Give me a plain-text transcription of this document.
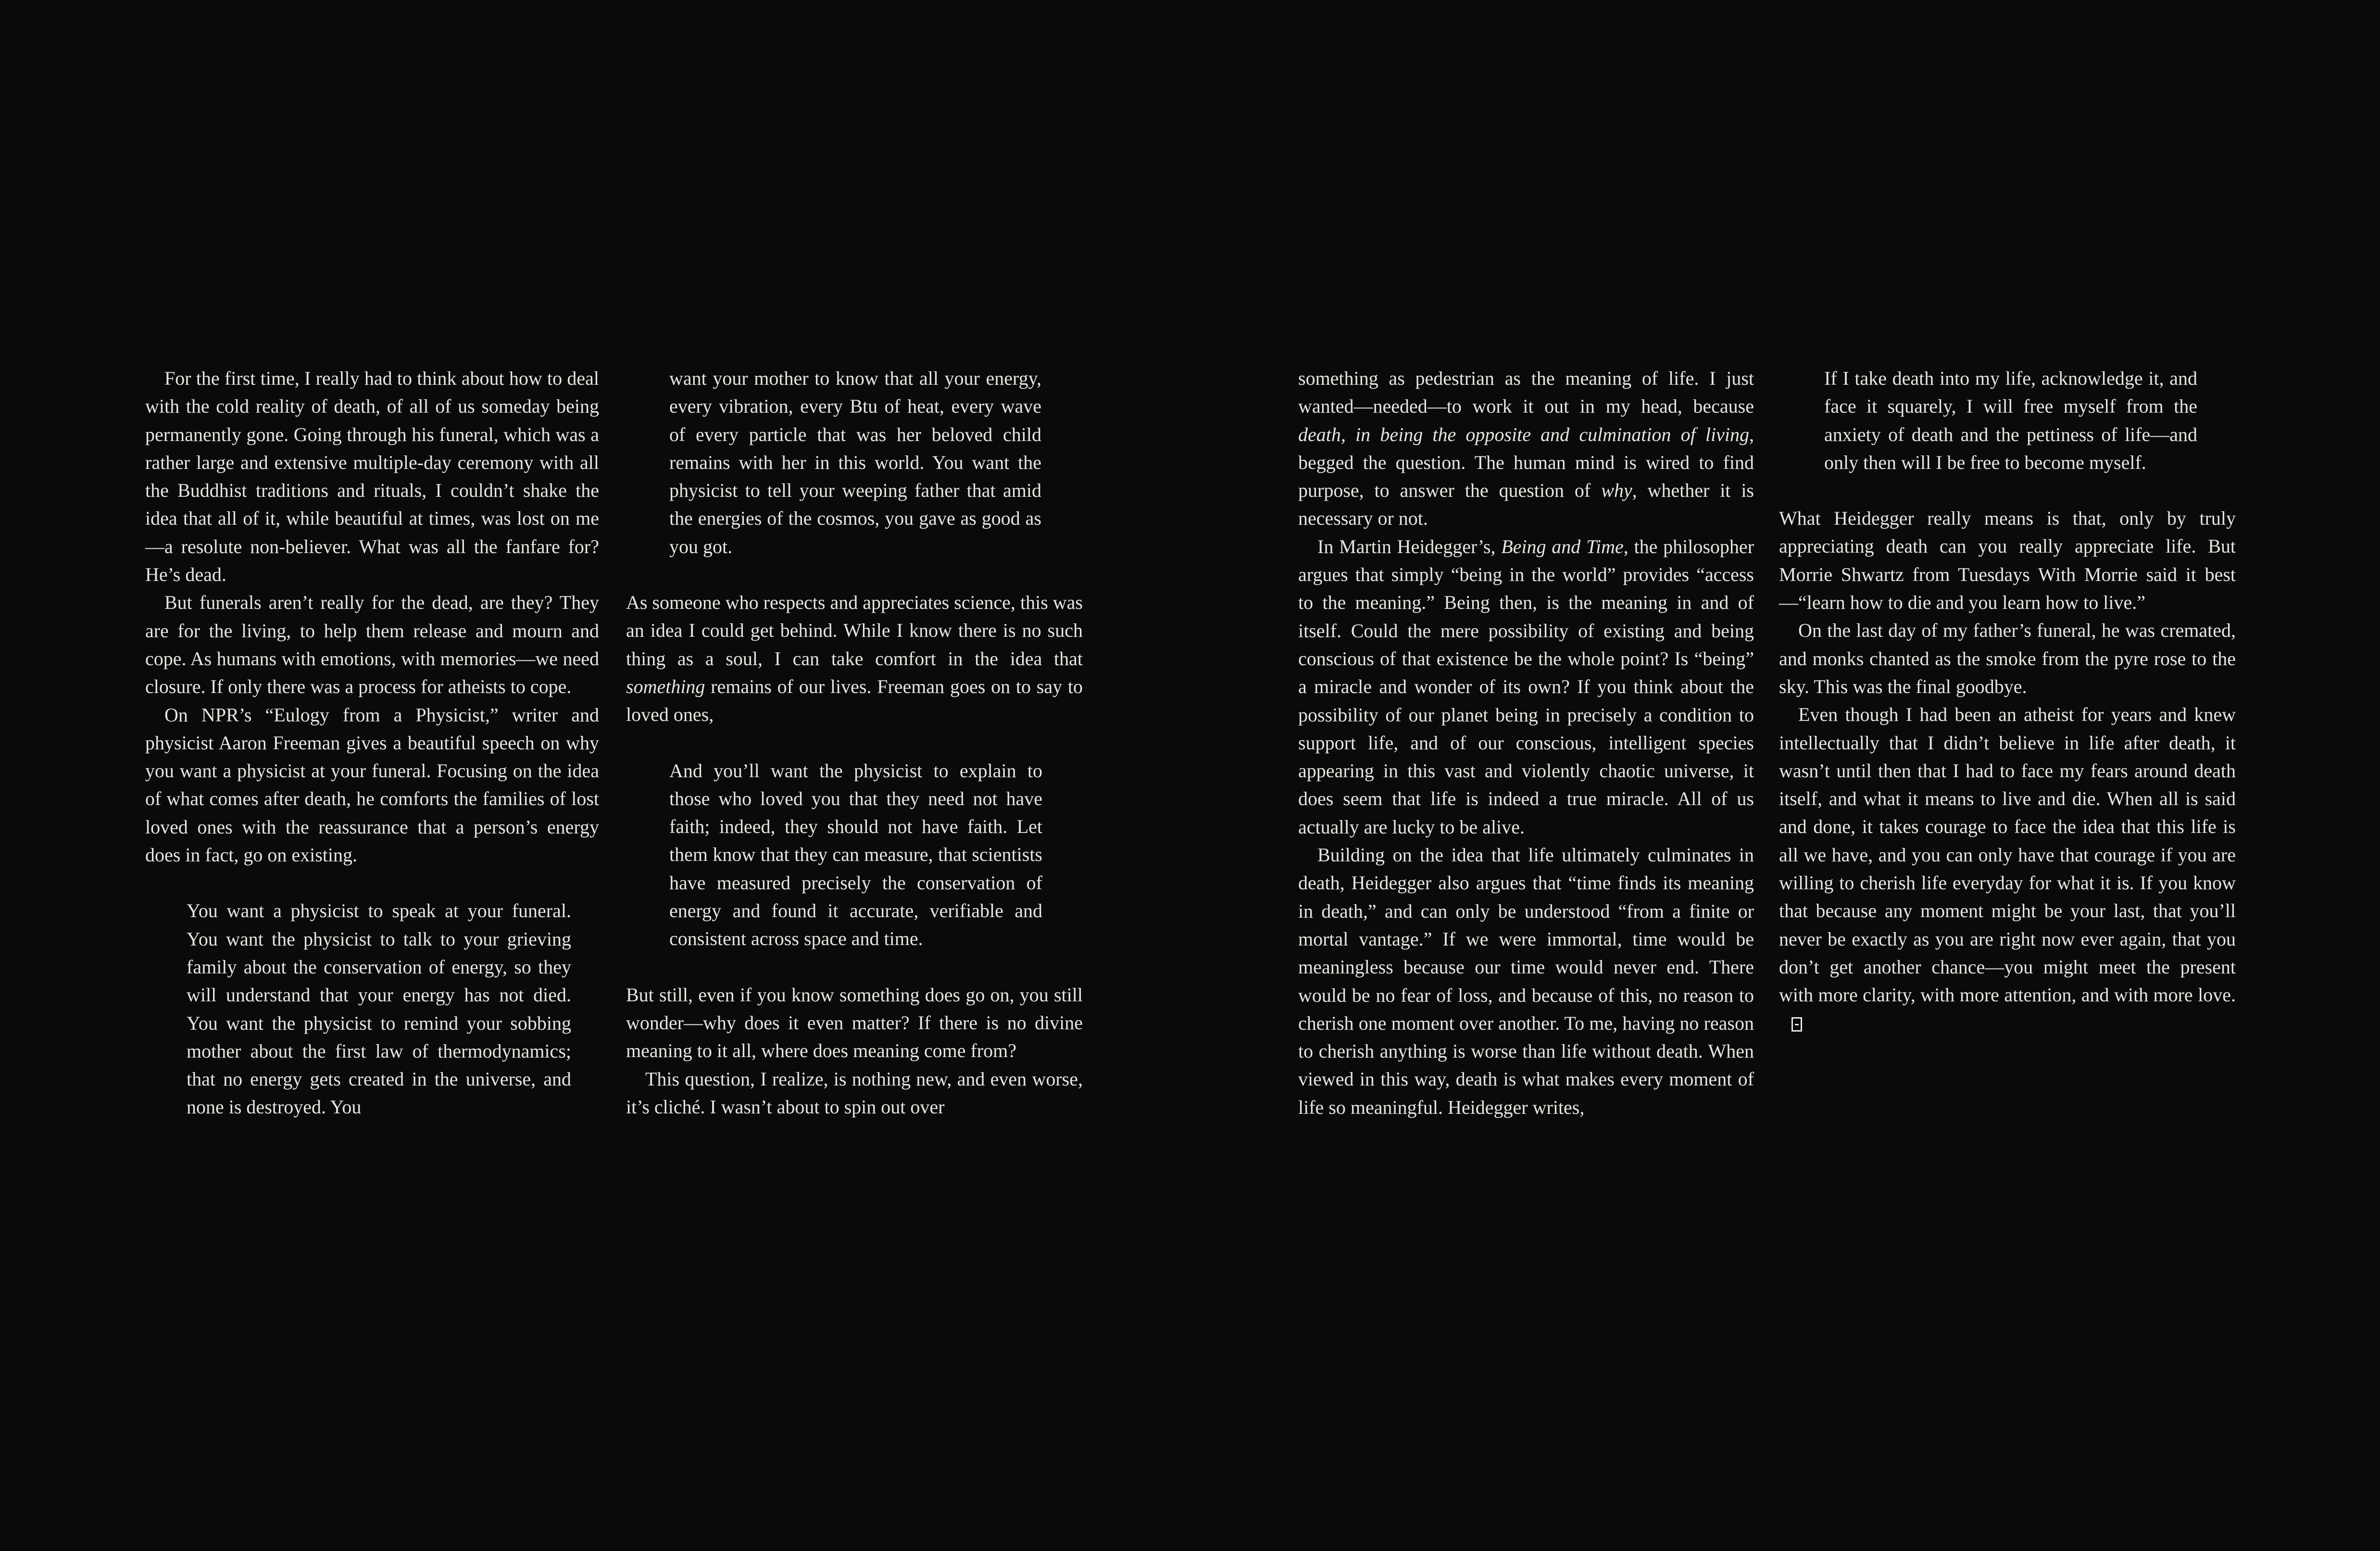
For the first time, I really had to think about how to deal with the cold reality of death, of all of us someday being permanently gone. Going through his funeral, which was a rather large and extensive multiple-day ceremony with all the Buddhist traditions and rituals, I couldn’t shake the idea that all of it, while beautiful at times, was lost on me—a resolute non-believer. What was all the fanfare for? He’s dead.

But funerals aren’t really for the dead, are they? They are for the living, to help them release and mourn and cope. As humans with emotions, with memories—we need closure. If only there was a process for atheists to cope.

On NPR’s “Eulogy from a Physicist,” writer and physicist Aaron Freeman gives a beautiful speech on why you want a physicist at your funeral. Focusing on the idea of what comes after death, he comforts the families of lost loved ones with the reassurance that a person’s energy does in fact, go on existing.

You want a physicist to speak at your funeral. You want the physicist to talk to your grieving family about the conservation of energy, so they will understand that your energy has not died. You want the physicist to remind your sobbing mother about the first law of thermodynamics; that no energy gets created in the universe, and none is destroyed. You

want your mother to know that all your energy, every vibration, every Btu of heat, every wave of every particle that was her beloved child remains with her in this world. You want the physicist to tell your weeping father that amid the energies of the cosmos, you gave as good as you got.

As someone who respects and appreciates science, this was an idea I could get behind. While I know there is no such thing as a soul, I can take comfort in the idea that something remains of our lives. Freeman goes on to say to loved ones,

And you’ll want the physicist to explain to those who loved you that they need not have faith; indeed, they should not have faith. Let them know that they can measure, that scientists have measured precisely the conservation of energy and found it accurate, verifiable and consistent across space and time.

But still, even if you know something does go on, you still wonder—why does it even matter? If there is no divine meaning to it all, where does meaning come from?

This question, I realize, is nothing new, and even worse, it’s cliché. I wasn’t about to spin out over

something as pedestrian as the meaning of life. I just wanted—needed—to work it out in my head, because death, in being the opposite and culmination of living, begged the question. The human mind is wired to find purpose, to answer the question of why, whether it is necessary or not.

In Martin Heidegger’s, Being and Time, the philosopher argues that simply “being in the world” provides “access to the meaning.” Being then, is the meaning in and of itself. Could the mere possibility of existing and being conscious of that existence be the whole point? Is “being” a miracle and wonder of its own? If you think about the possibility of our planet being in precisely a condition to support life, and of our conscious, intelligent species appearing in this vast and violently chaotic universe, it does seem that life is indeed a true miracle. All of us actually are lucky to be alive.

Building on the idea that life ultimately culminates in death, Heidegger also argues that “time finds its meaning in death,” and can only be understood “from a finite or mortal vantage.” If we were immortal, time would be meaningless because our time would never end. There would be no fear of loss, and because of this, no reason to cherish one moment over another. To me, having no reason to cherish anything is worse than life without death. When viewed in this way, death is what makes every moment of life so meaningful. Heidegger writes,

If I take death into my life, acknowledge it, and face it squarely, I will free myself from the anxiety of death and the pettiness of life—and only then will I be free to become myself.

What Heidegger really means is that, only by truly appreciating death can you really appreciate life. But Morrie Shwartz from Tuesdays With Morrie said it best—“learn how to die and you learn how to live.”

On the last day of my father’s funeral, he was cremated, and monks chanted as the smoke from the pyre rose to the sky. This was the final goodbye.

Even though I had been an atheist for years and knew intellectually that I didn’t believe in life after death, it wasn’t until then that I had to face my fears around death itself, and what it means to live and die. When all is said and done, it takes courage to face the idea that this life is all we have, and you can only have that courage if you are willing to cherish life everyday for what it is. If you know that because any moment might be your last, that you’ll never be exactly as you are right now ever again, that you don’t get another chance—you might meet the present with more clarity, with more attention, and with more love.
